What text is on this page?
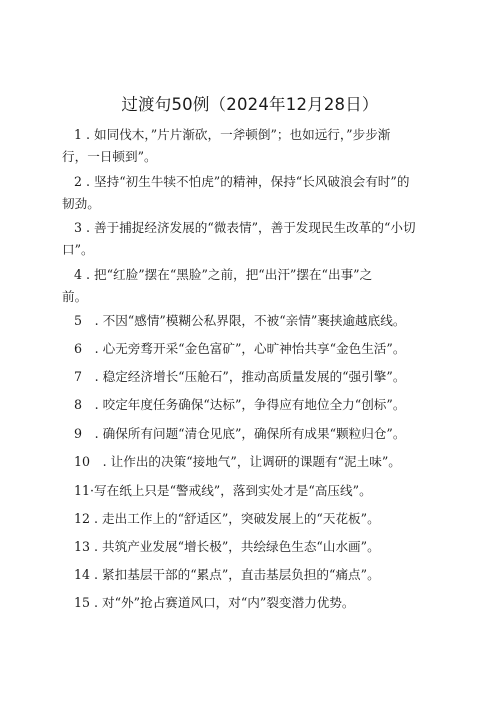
过渡句50例（2024年12月28日）
1 . 如同伐木，”片片渐砍，一斧顿倒”；也如远行，”步步渐
行，一日顿到”。
2 . 坚持“初生牛犊不怕虎”的精神，保持“长风破浪会有时”的
韧劲。
3 . 善于捕捉经济发展的“微表情”，善于发现民生改革的“小切
口”。
4 . 把“红脸”摆在“黑脸”之前，把“出汗”摆在“出事”之
前。
5　. 不因“感情”模糊公私界限，不被“亲情”裹挟逾越底线。
6　. 心无旁骛开采“金色富矿”，心旷神怡共享“金色生活”。
7　. 稳定经济增长“压舱石”，推动高质量发展的“强引擎”。
8　. 咬定年度任务确保“达标”，争得应有地位全力“创标”。
9　. 确保所有问题“清仓见底”，确保所有成果“颗粒归仓”。
10　. 让作出的决策“接地气”，让调研的课题有“泥土味”。
11·写在纸上只是“警戒线”，落到实处才是“高压线”。
12 . 走出工作上的“舒适区”，突破发展上的“天花板”。
13 . 共筑产业发展“增长极”，共绘绿色生态“山水画”。
14 . 紧扣基层干部的“累点”，直击基层负担的“痛点”。
15 . 对“外”抢占赛道风口，对“内”裂变潜力优势。
